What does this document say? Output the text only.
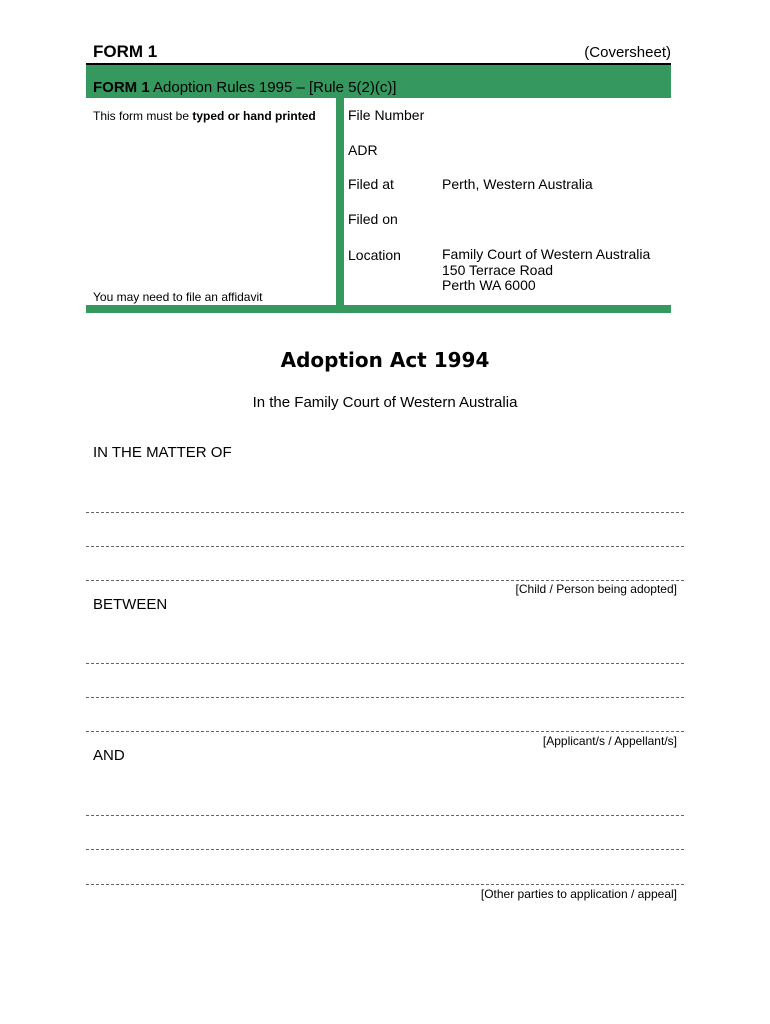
FORM 1	(Coversheet)
FORM 1 Adoption Rules 1995 – [Rule 5(2)(c)]
This form must be typed or hand printed
You may need to file an affidavit
File Number
ADR
Filed at	Perth, Western Australia
Filed on
Location	Family Court of Western Australia
150 Terrace Road
Perth WA 6000
Adoption Act 1994
In the Family Court of Western Australia
IN THE MATTER OF
[Child / Person being adopted]
BETWEEN
[Applicant/s / Appellant/s]
AND
[Other parties to application / appeal]
